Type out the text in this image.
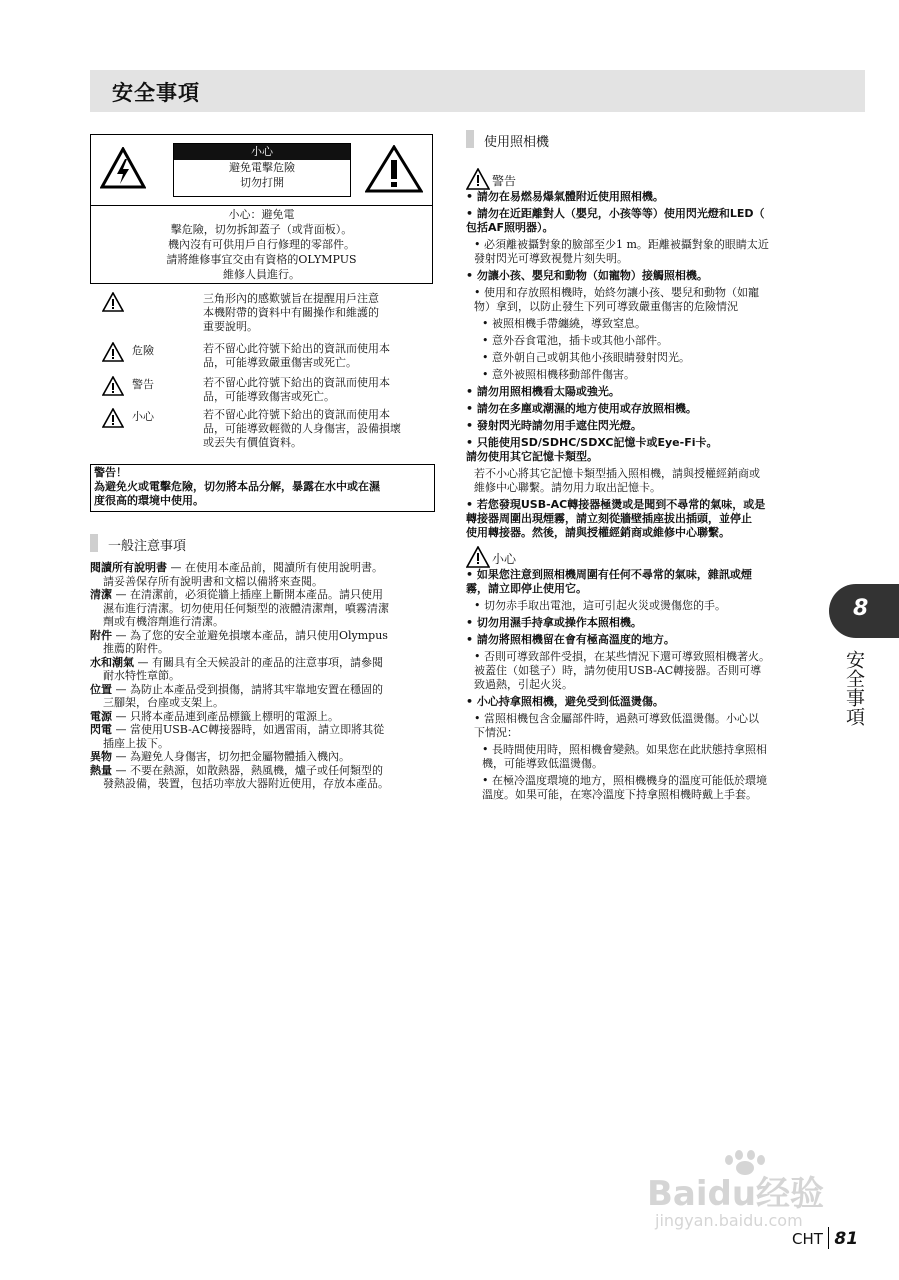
安全事項
小心
避免電擊危險
切勿打開
小心：避免電
擊危險，切勿拆卸蓋子（或背面板）。
機內沒有可供用戶自行修理的零部件。
請將維修事宜交由有資格的OLYMPUS
維修人員進行。
三角形內的感歎號旨在提醒用戶注意
本機附帶的資料中有關操作和維護的
重要說明。
危險	若不留心此符號下給出的資訊而使用本
品，可能導致嚴重傷害或死亡。
警告	若不留心此符號下給出的資訊而使用本
品，可能導致傷害或死亡。
小心	若不留心此符號下給出的資訊而使用本
品，可能導致輕微的人身傷害，設備損壞
或丟失有價值資料。
警告！
為避免火或電擊危險，切勿將本品分解，暴露在水中或在濕
度很高的環境中使用。
一般注意事項

閱讀所有說明書 — 在使用本產品前，閱讀所有使用說明書。
請妥善保存所有說明書和文檔以備將來查閱。

清潔 — 在清潔前，必須從牆上插座上斷開本產品。請只使用
濕布進行清潔。切勿使用任何類型的液體清潔劑，噴霧清潔
劑或有機溶劑進行清潔。

附件 — 為了您的安全並避免損壞本產品，請只使用Olympus
推薦的附件。

水和潮氣 — 有關具有全天候設計的產品的注意事項，請參閱
耐水特性章節。

位置 — 為防止本產品受到損傷，請將其牢靠地安置在穩固的
三腳架，台座或支架上。

電源 — 只將本產品連到產品標籤上標明的電源上。

閃電 — 當使用USB-AC轉接器時，如遇雷雨，請立即將其從
插座上拔下。

異物 — 為避免人身傷害，切勿把金屬物體插入機內。

熱量 — 不要在熱源，如散熱器，熱風機，爐子或任何類型的
發熱設備，裝置，包括功率放大器附近使用，存放本產品。

使用照相機
警告
• 請勿在易燃易爆氣體附近使用照相機。
• 請勿在近距離對人（嬰兒，小孩等等）使用閃光燈和LED（
包括AF照明器）。
• 必須離被攝對象的臉部至少1 m。距離被攝對象的眼睛太近
發射閃光可導致視覺片刻失明。
• 勿讓小孩、嬰兒和動物（如寵物）接觸照相機。
• 使用和存放照相機時，始終勿讓小孩、嬰兒和動物（如寵
物）拿到，以防止發生下列可導致嚴重傷害的危險情況
• 被照相機手帶纏繞，導致窒息。
• 意外吞食電池，插卡或其他小部件。
• 意外朝自己或朝其他小孩眼睛發射閃光。
• 意外被照相機移動部件傷害。
• 請勿用照相機看太陽或強光。
• 請勿在多塵或潮濕的地方使用或存放照相機。
• 發射閃光時請勿用手遮住閃光燈。
• 只能使用SD/SDHC/SDXC記憶卡或Eye-Fi卡。
請勿使用其它記憶卡類型。
若不小心將其它記憶卡類型插入照相機，請與授權經銷商或
維修中心聯繫。請勿用力取出記憶卡。
• 若您發現USB-AC轉接器極燙或是聞到不尋常的氣味，或是
轉接器周圍出現煙霧，請立刻從牆壁插座拔出插頭，並停止
使用轉接器。然後，請與授權經銷商或維修中心聯繫。
小心
• 如果您注意到照相機周圍有任何不尋常的氣味，雜訊或煙
霧，請立即停止使用它。
• 切勿赤手取出電池，這可引起火災或燙傷您的手。
• 切勿用濕手持拿或操作本照相機。
• 請勿將照相機留在會有極高溫度的地方。
• 否則可導致部件受損，在某些情況下還可導致照相機著火。
被蓋住（如毯子）時，請勿使用USB-AC轉接器。否則可導
致過熱，引起火災。
• 小心持拿照相機，避免受到低溫燙傷。
• 當照相機包含金屬部件時，過熱可導致低溫燙傷。小心以
下情況：
• 長時間使用時，照相機會變熱。如果您在此狀態持拿照相
機，可能導致低溫燙傷。
• 在極冷溫度環境的地方，照相機機身的溫度可能低於環境
溫度。如果可能，在寒冷溫度下持拿照相機時戴上手套。
8
安全事項
Baidu经验
jingyan.baidu.com
CHT 81
